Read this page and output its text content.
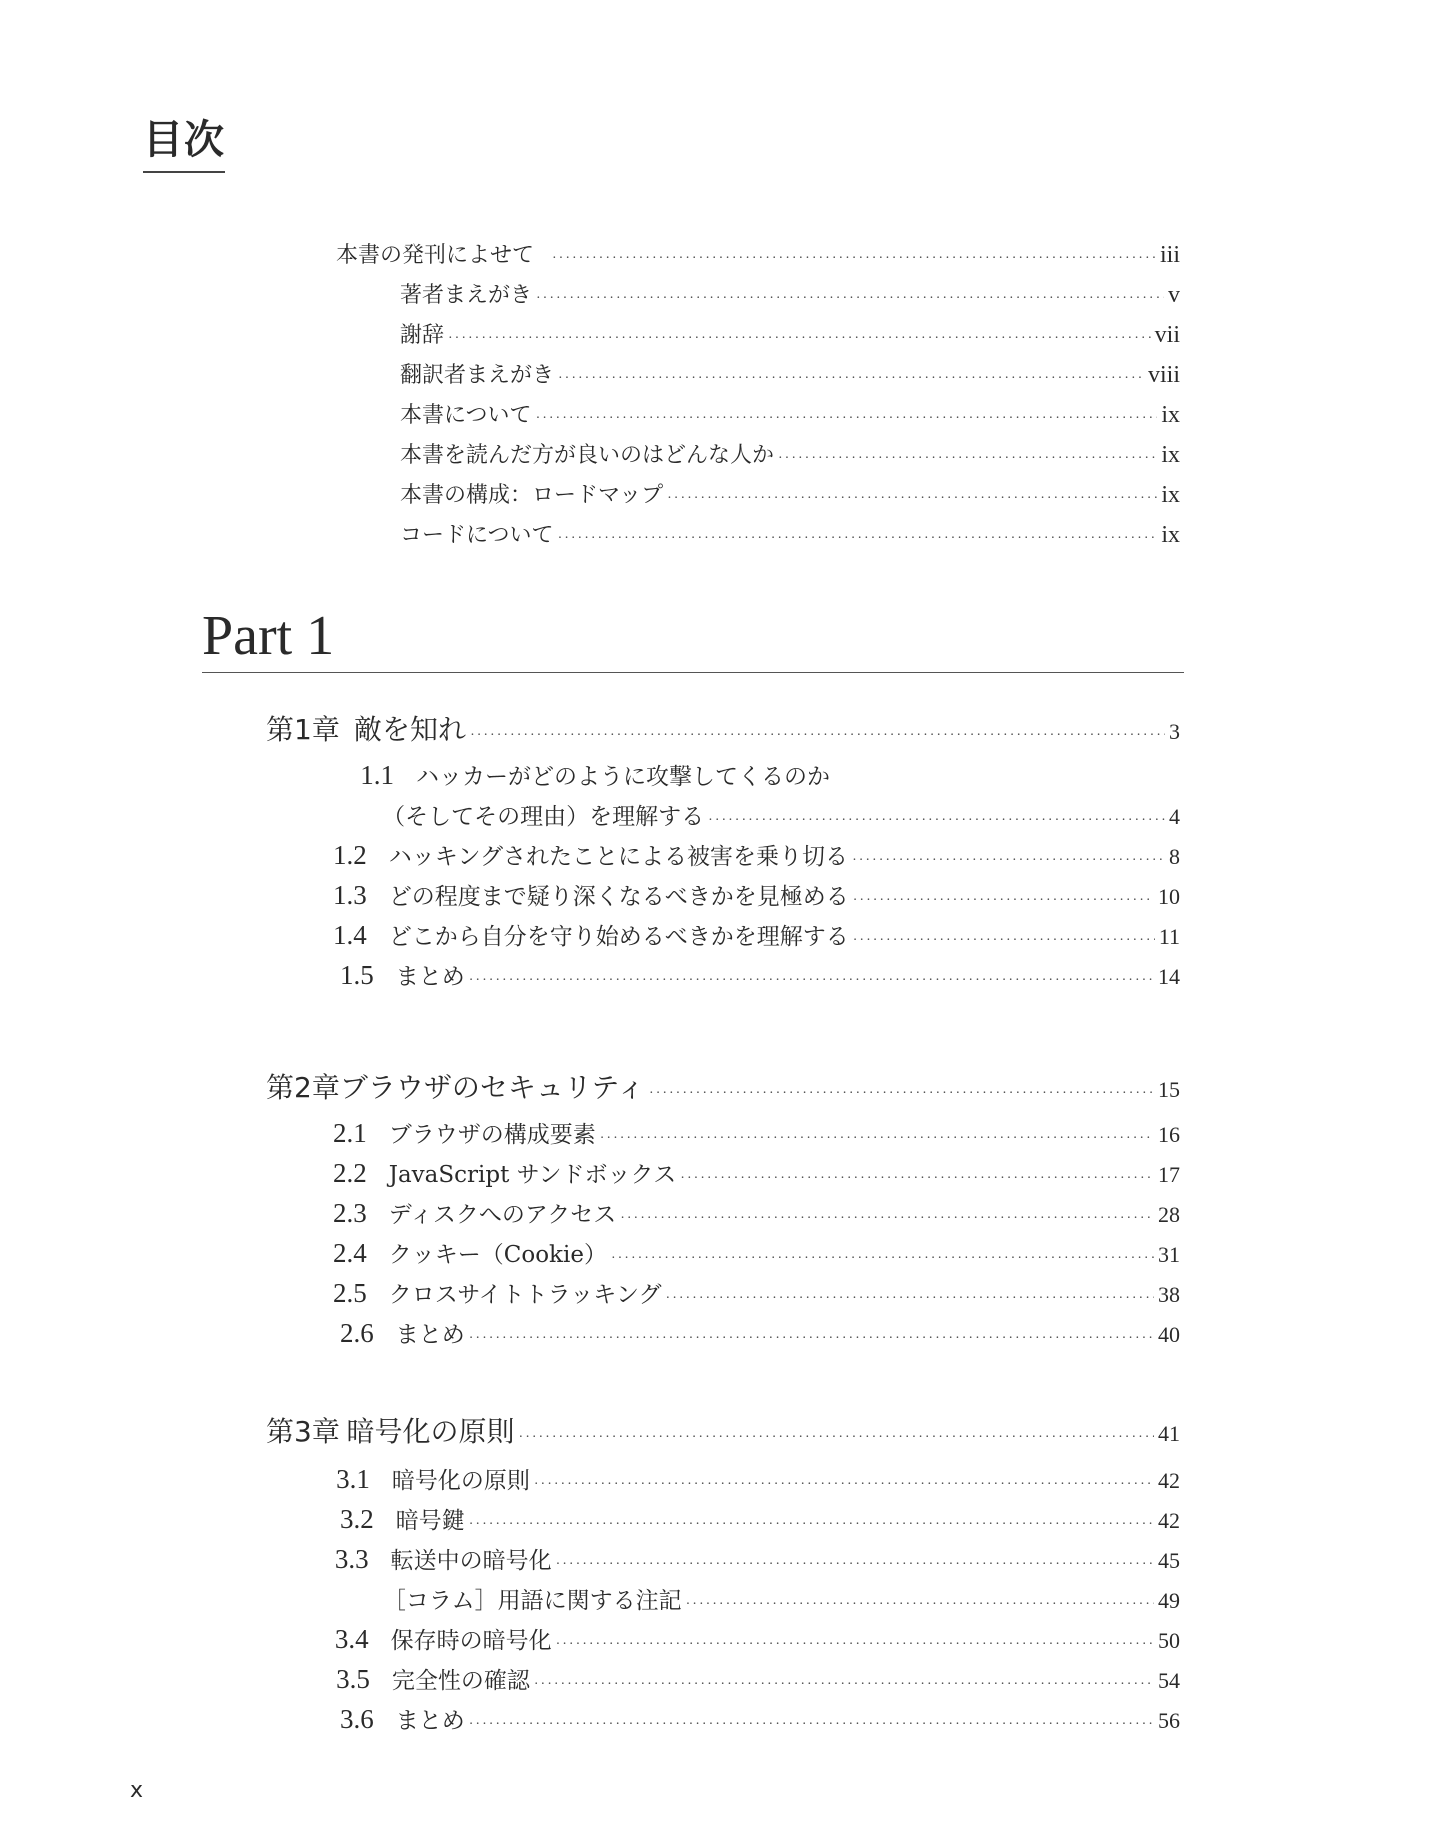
目次
本書の発刊によせて ·····	iii
著者まえがき ·····	v
謝辞 ·····	vii
翻訳者まえがき ·····	viii
本書について ·····	ix
本書を読んだ方が良いのはどんな人か ·····	ix
本書の構成：ロードマップ ·····	ix
コードについて ·····	ix
Part 1
第1章 敵を知れ ·····	3
1.1 ハッカーがどのように攻撃してくるのか
（そしてその理由）を理解する ·····	4
1.2 ハッキングされたことによる被害を乗り切る ·····	8
1.3 どの程度まで疑り深くなるべきかを見極める ·····	10
1.4 どこから自分を守り始めるべきかを理解する ·····	11
1.5 まとめ ·····	14
第2章 ブラウザのセキュリティ ·····	15
2.1 ブラウザの構成要素 ·····	16
2.2 JavaScript サンドボックス ·····	17
2.3 ディスクへのアクセス ·····	28
2.4 クッキー（Cookie） ·····	31
2.5 クロスサイトトラッキング ·····	38
2.6 まとめ ·····	40
第3章 暗号化の原則 ·····	41
3.1 暗号化の原則 ·····	42
3.2 暗号鍵 ·····	42
3.3 転送中の暗号化 ·····	45
［コラム］用語に関する注記 ·····	49
3.4 保存時の暗号化 ·····	50
3.5 完全性の確認 ·····	54
3.6 まとめ ·····	56
x
